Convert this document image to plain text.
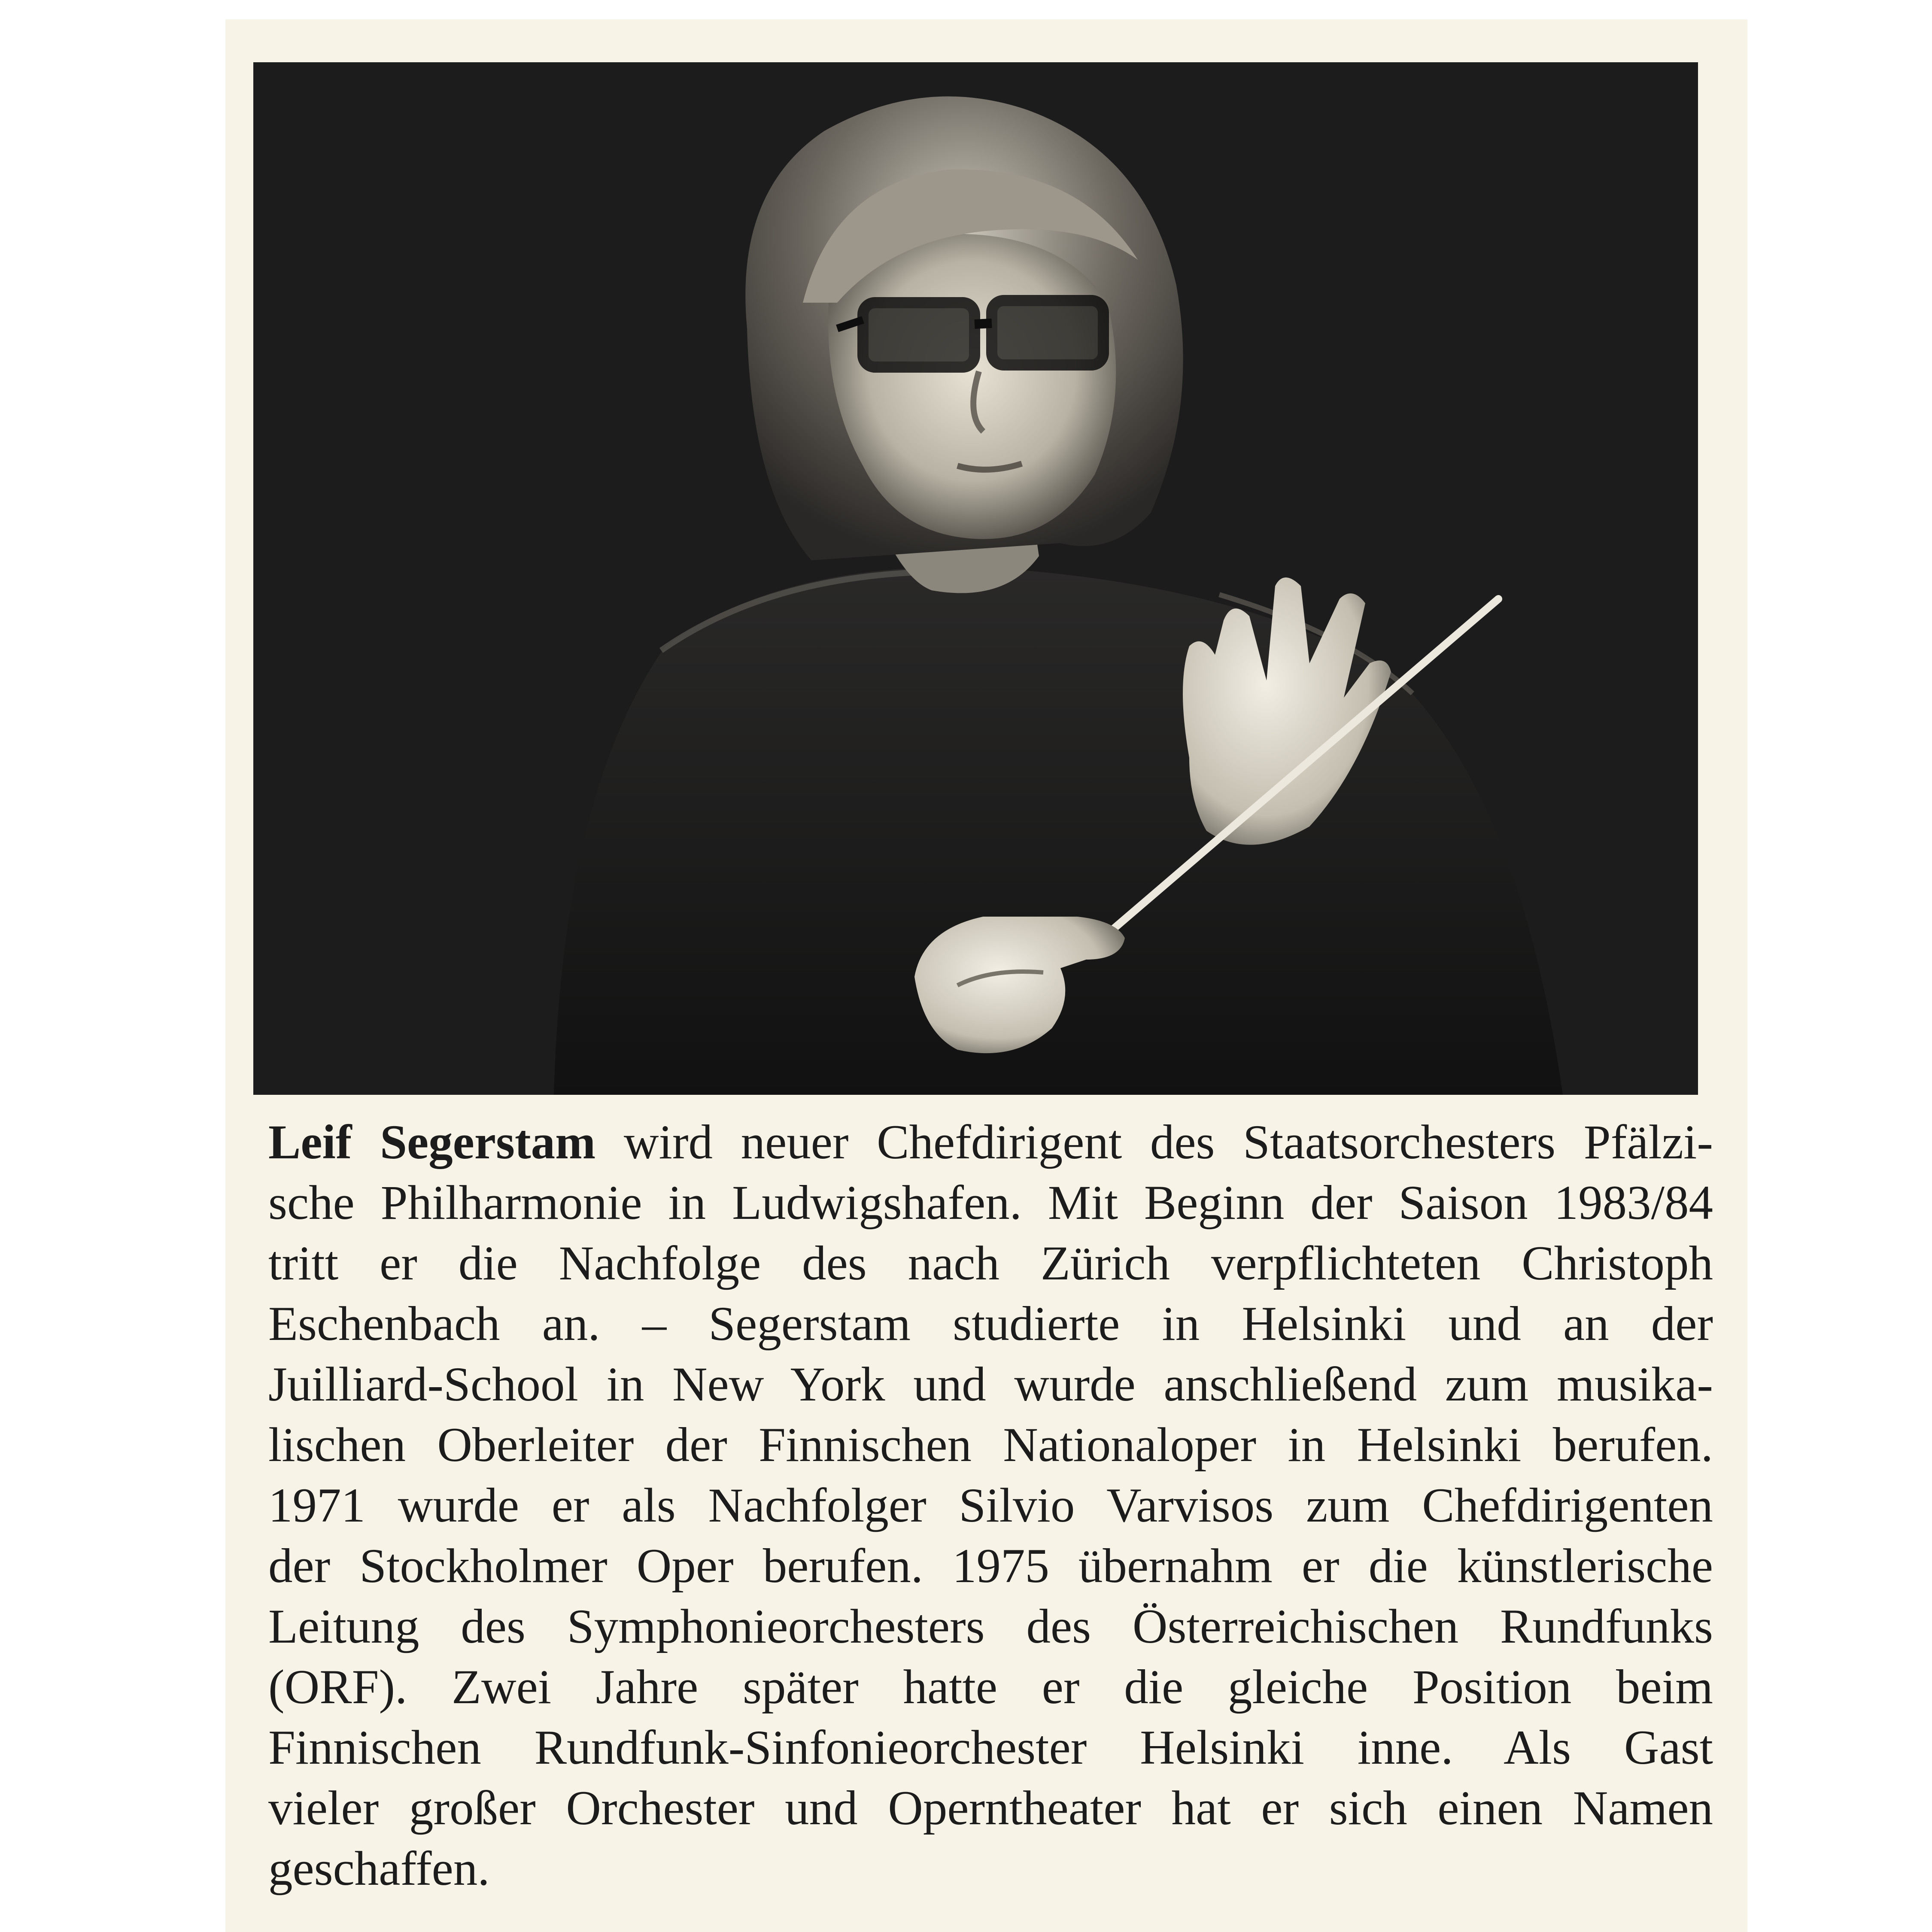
Leif Segerstam wird neuer Chefdirigent des Staatsorchesters Pfälzi-
sche Philharmonie in Ludwigshafen. Mit Beginn der Saison 1983/84
tritt er die Nachfolge des nach Zürich verpflichteten Christoph
Eschenbach an. – Segerstam studierte in Helsinki und an der
Juilliard-School in New York und wurde anschließend zum musika-
lischen Oberleiter der Finnischen Nationaloper in Helsinki berufen.
1971 wurde er als Nachfolger Silvio Varvisos zum Chefdirigenten
der Stockholmer Oper berufen. 1975 übernahm er die künstlerische
Leitung des Symphonieorchesters des Österreichischen Rundfunks
(ORF). Zwei Jahre später hatte er die gleiche Position beim
Finnischen Rundfunk-Sinfonieorchester Helsinki inne. Als Gast
vieler großer Orchester und Operntheater hat er sich einen Namen
geschaffen.
